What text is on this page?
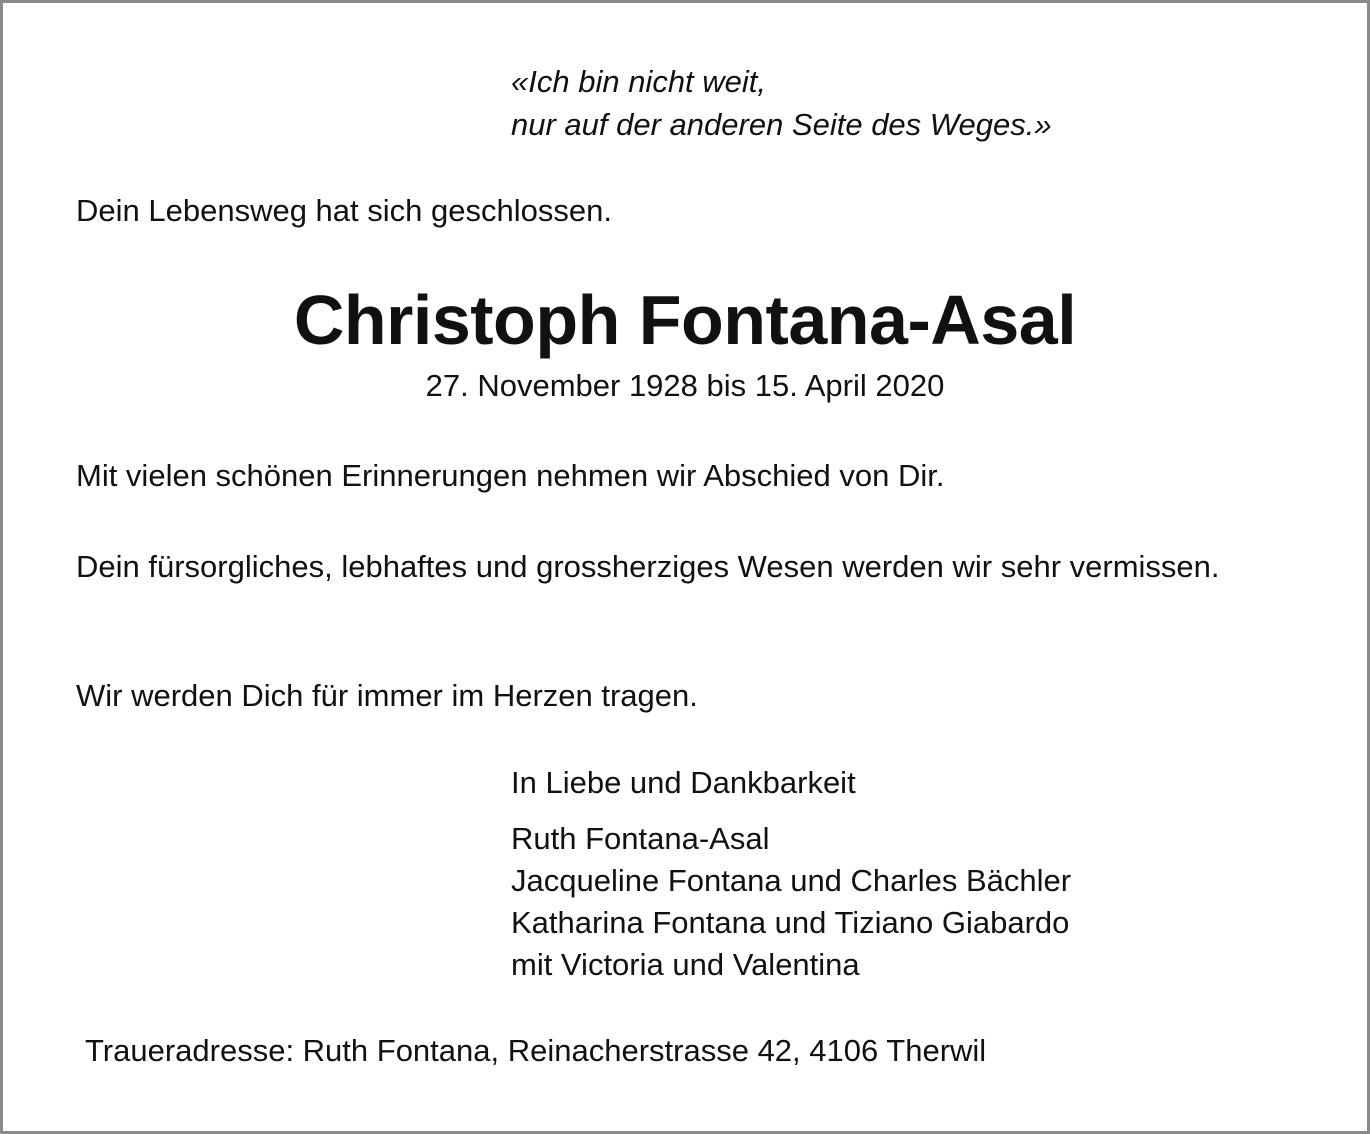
«Ich bin nicht weit,
nur auf der anderen Seite des Weges.»

Dein Lebensweg hat sich geschlossen.

Christoph Fontana-Asal
27. November 1928 bis 15. April 2020

Mit vielen schönen Erinnerungen nehmen wir Abschied von Dir.

Dein fürsorgliches, lebhaftes und grossherziges Wesen werden wir sehr vermissen.

Wir werden Dich für immer im Herzen tragen.

In Liebe und Dankbarkeit

Ruth Fontana-Asal
Jacqueline Fontana und Charles Bächler
Katharina Fontana und Tiziano Giabardo
mit Victoria und Valentina

Traueradresse: Ruth Fontana, Reinacherstrasse 42, 4106 Therwil
